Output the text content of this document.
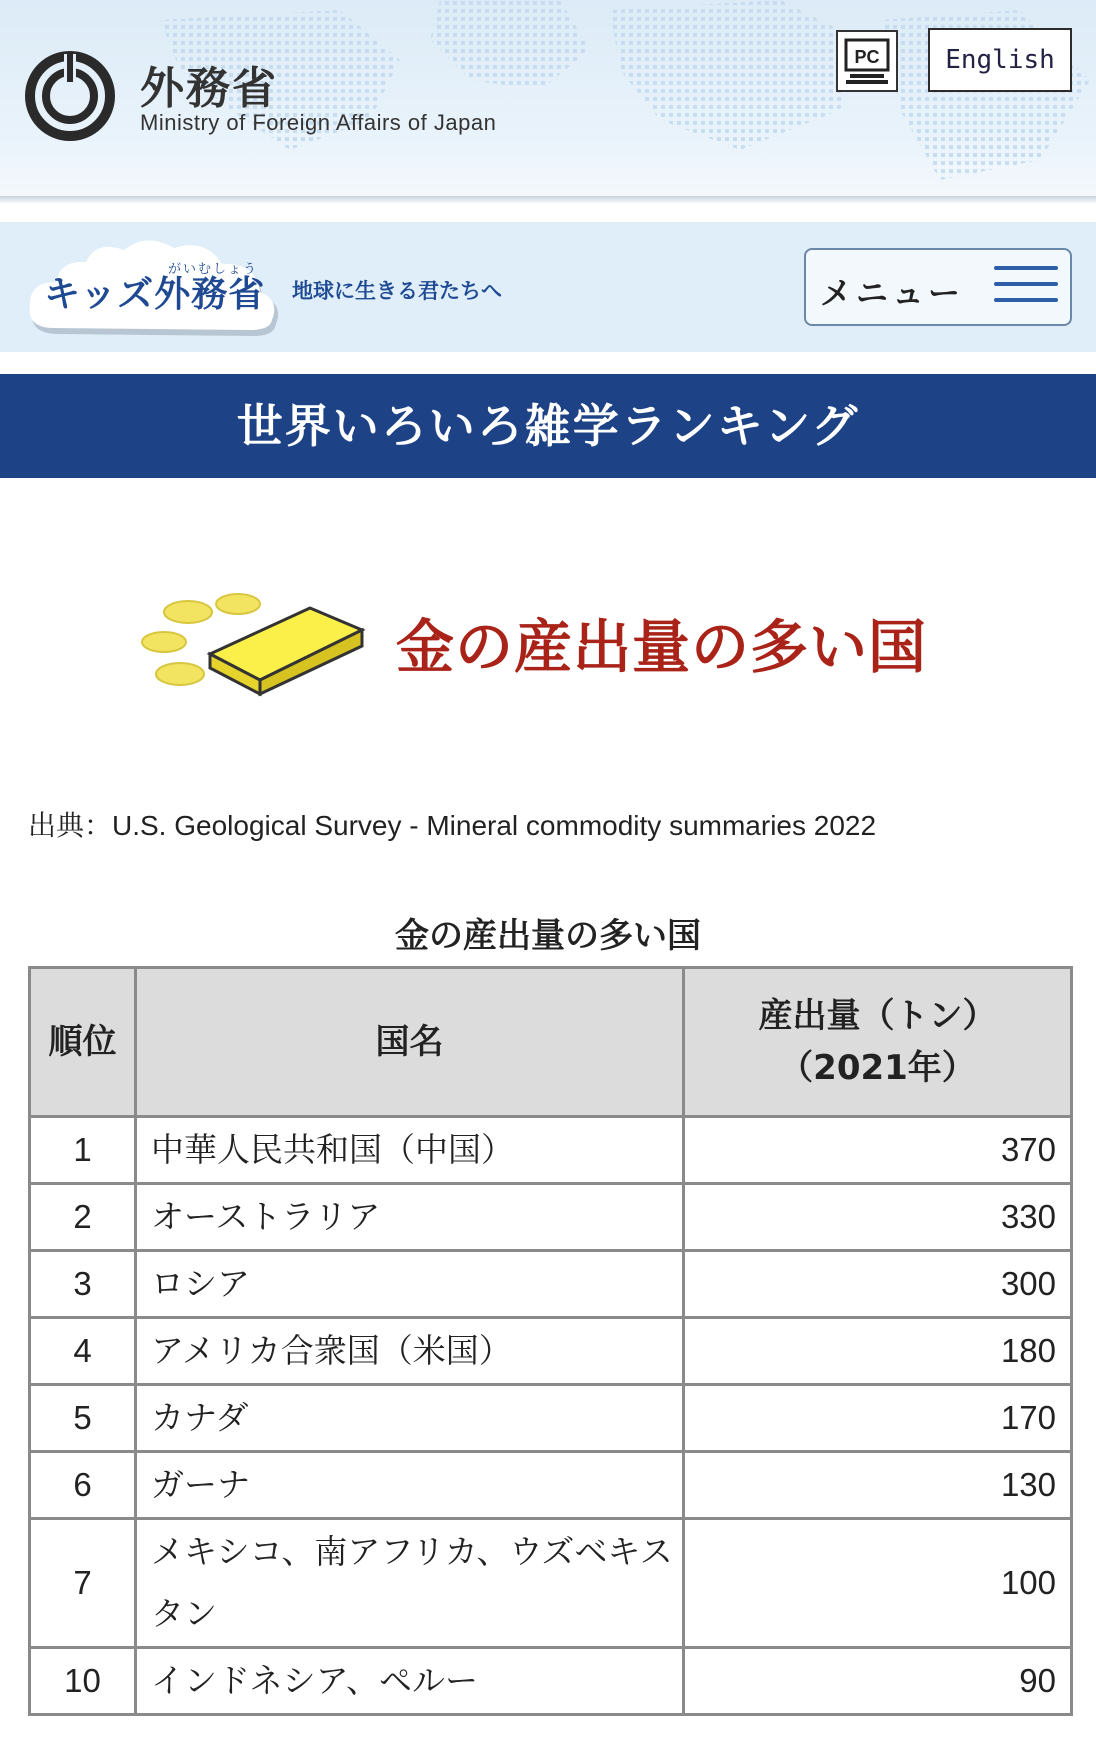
外務省
Ministry of Foreign Affairs of Japan
PC	English
がいむしょう
キッズ外務省 地球に生きる君たちへ	メニュー
世界いろいろ雑学ランキング
金の産出量の多い国
出典：U.S. Geological Survey - Mineral commodity summaries 2022
金の産出量の多い国
順位	国名	産出量（トン）
（2021年）

1	中華人民共和国（中国）	370
2	オーストラリア	330
3	ロシア	300
4	アメリカ合衆国（米国）	180
5	カナダ	170
6	ガーナ	130
7	メキシコ、南アフリカ、ウズベキスタン	100
10	インドネシア、ペルー	90
